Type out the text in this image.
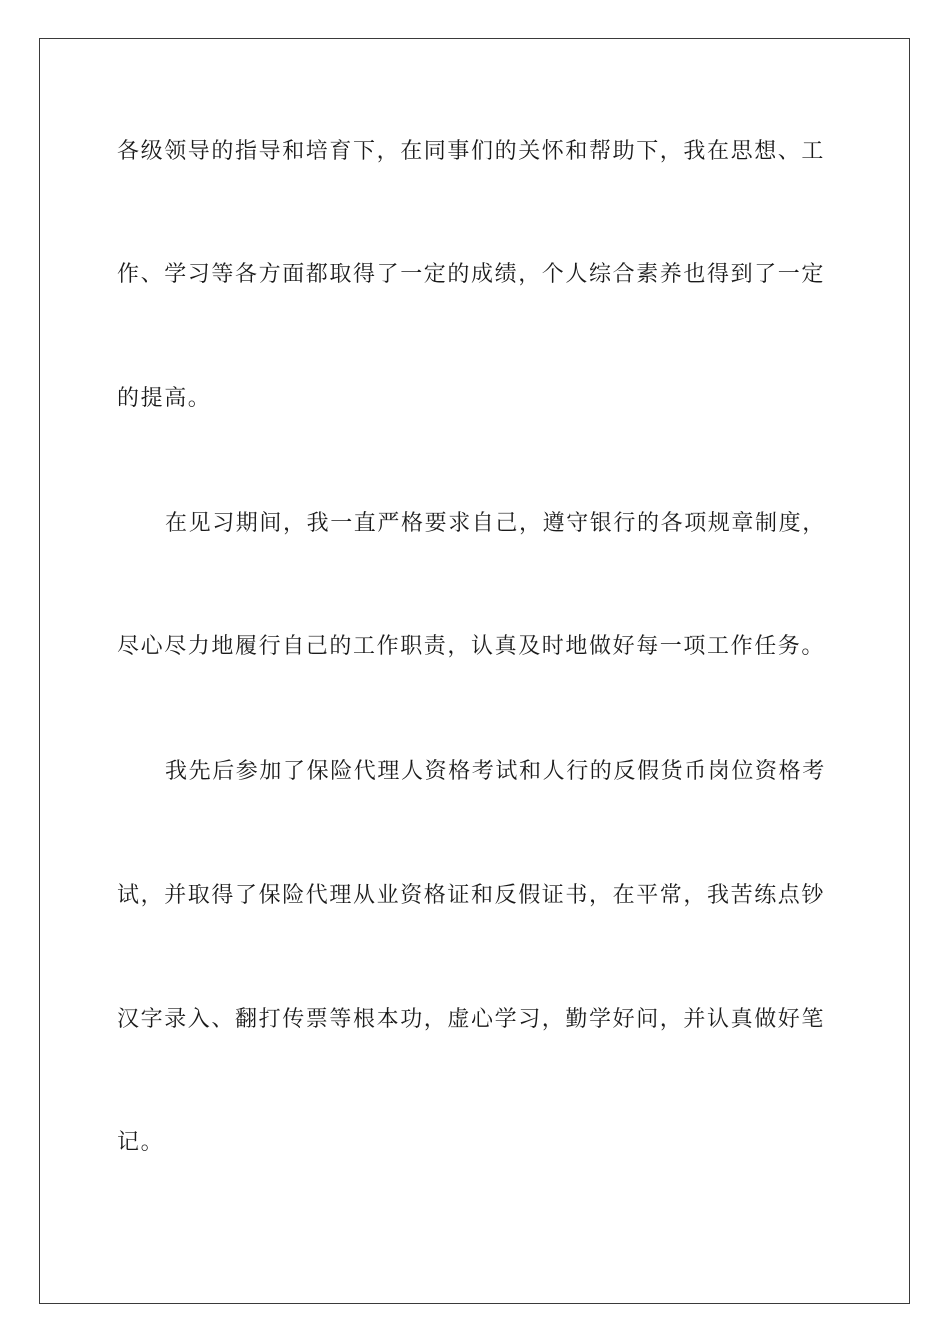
各级领导的指导和培育下，在同事们的关怀和帮助下，我在思想、工
作、学习等各方面都取得了一定的成绩，个人综合素养也得到了一定
的提高。
在见习期间，我一直严格要求自己，遵守银行的各项规章制度，
尽心尽力地履行自己的工作职责，认真及时地做好每一项工作任务。
我先后参加了保险代理人资格考试和人行的反假货币岗位资格考
试，并取得了保险代理从业资格证和反假证书，在平常，我苦练点钞
汉字录入、翻打传票等根本功，虚心学习，勤学好问，并认真做好笔
记。
